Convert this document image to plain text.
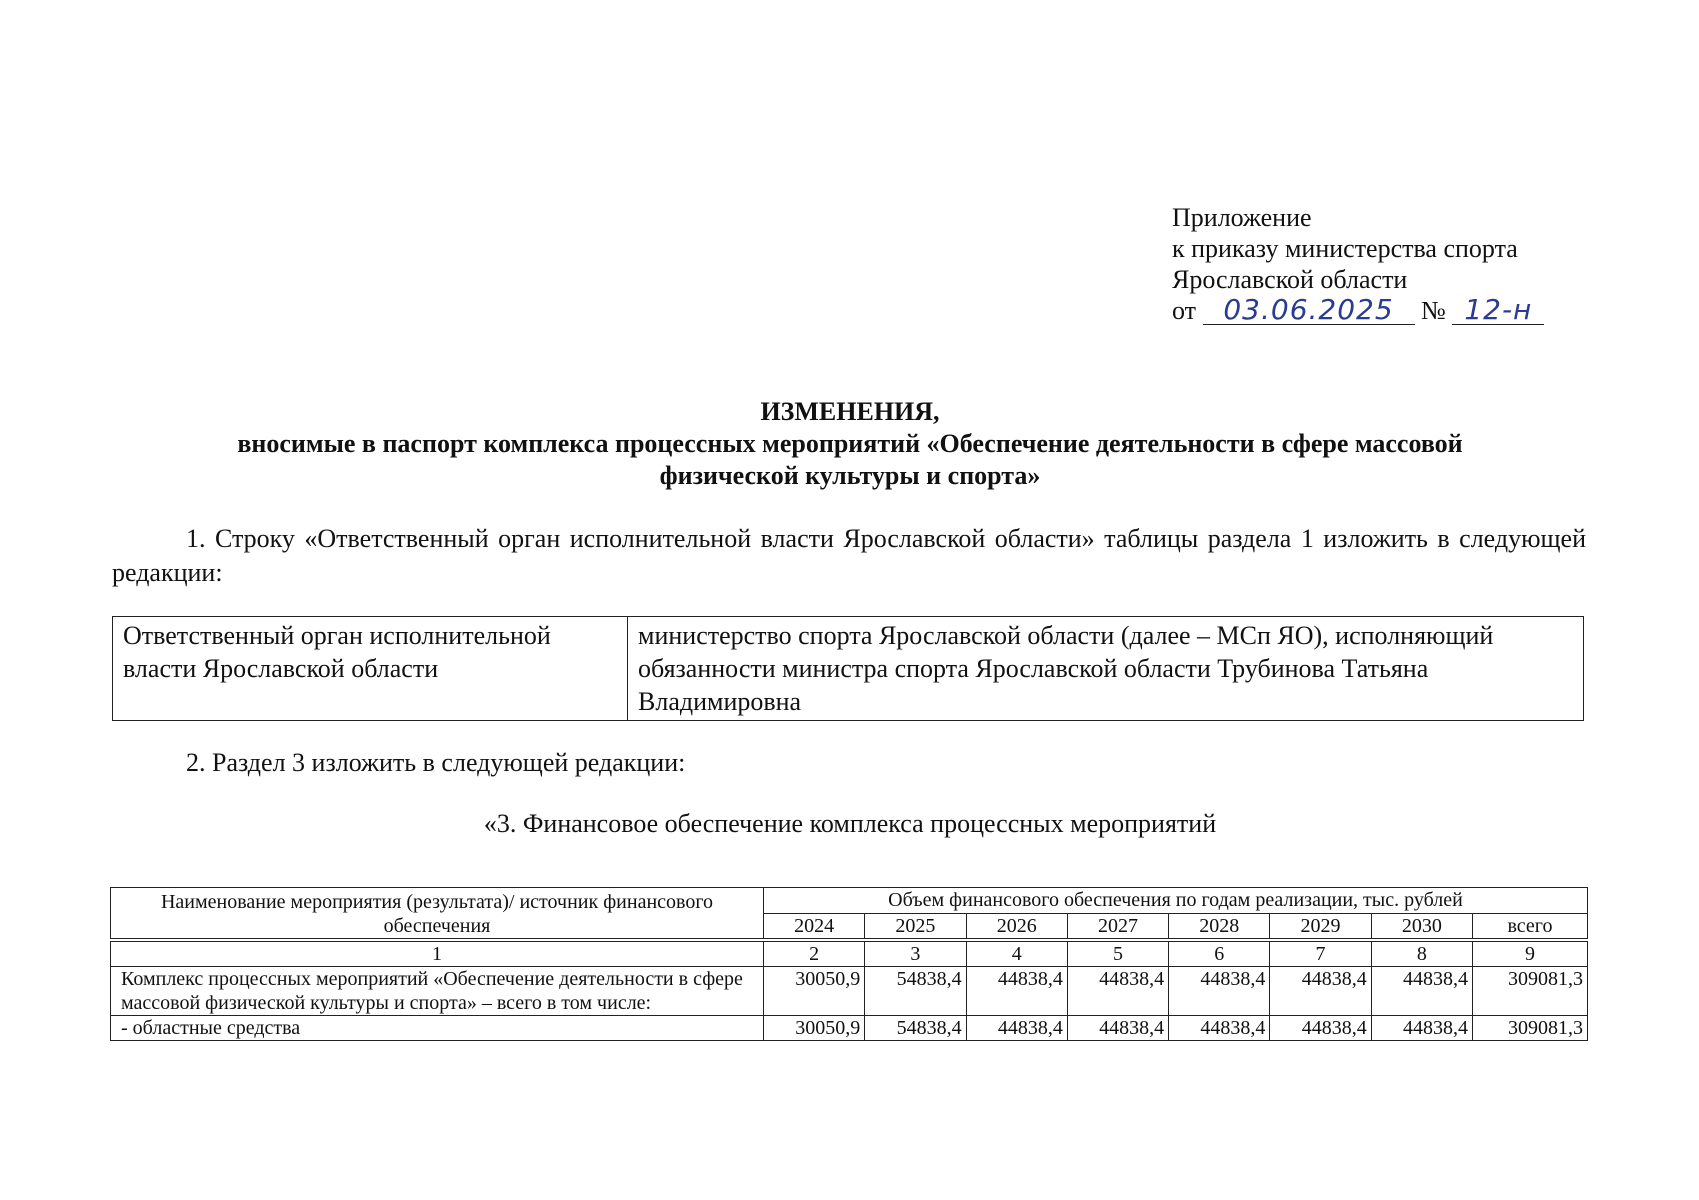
Приложение
к приказу министерства спорта
Ярославской области
от 03.06.2025 № 12-н
ИЗМЕНЕНИЯ,
вносимые в паспорт комплекса процессных мероприятий «Обеспечение деятельности в сфере массовой
физической культуры и спорта»
1. Строку «Ответственный орган исполнительной власти Ярославской области» таблицы раздела 1 изложить в следующей редакции:
Ответственный орган исполнительной власти Ярославской области	министерство спорта Ярославской области (далее – МСп ЯО), исполняющий обязанности министра спорта Ярославской области Трубинова Татьяна Владимировна
2. Раздел 3 изложить в следующей редакции:
«3. Финансовое обеспечение комплекса процессных мероприятий
Наименование мероприятия (результата)/ источник финансового обеспечения	Объем финансового обеспечения по годам реализации, тыс. рублей							
	2024	2025	2026	2027	2028	2029	2030	всего

1	2	3	4	5	6	7	8	9
Комплекс процессных мероприятий «Обеспечение деятельности в сфере массовой физической культуры и спорта» – всего в том числе:	30050,9	54838,4	44838,4	44838,4	44838,4	44838,4	44838,4	309081,3
- областные средства	30050,9	54838,4	44838,4	44838,4	44838,4	44838,4	44838,4	309081,3
